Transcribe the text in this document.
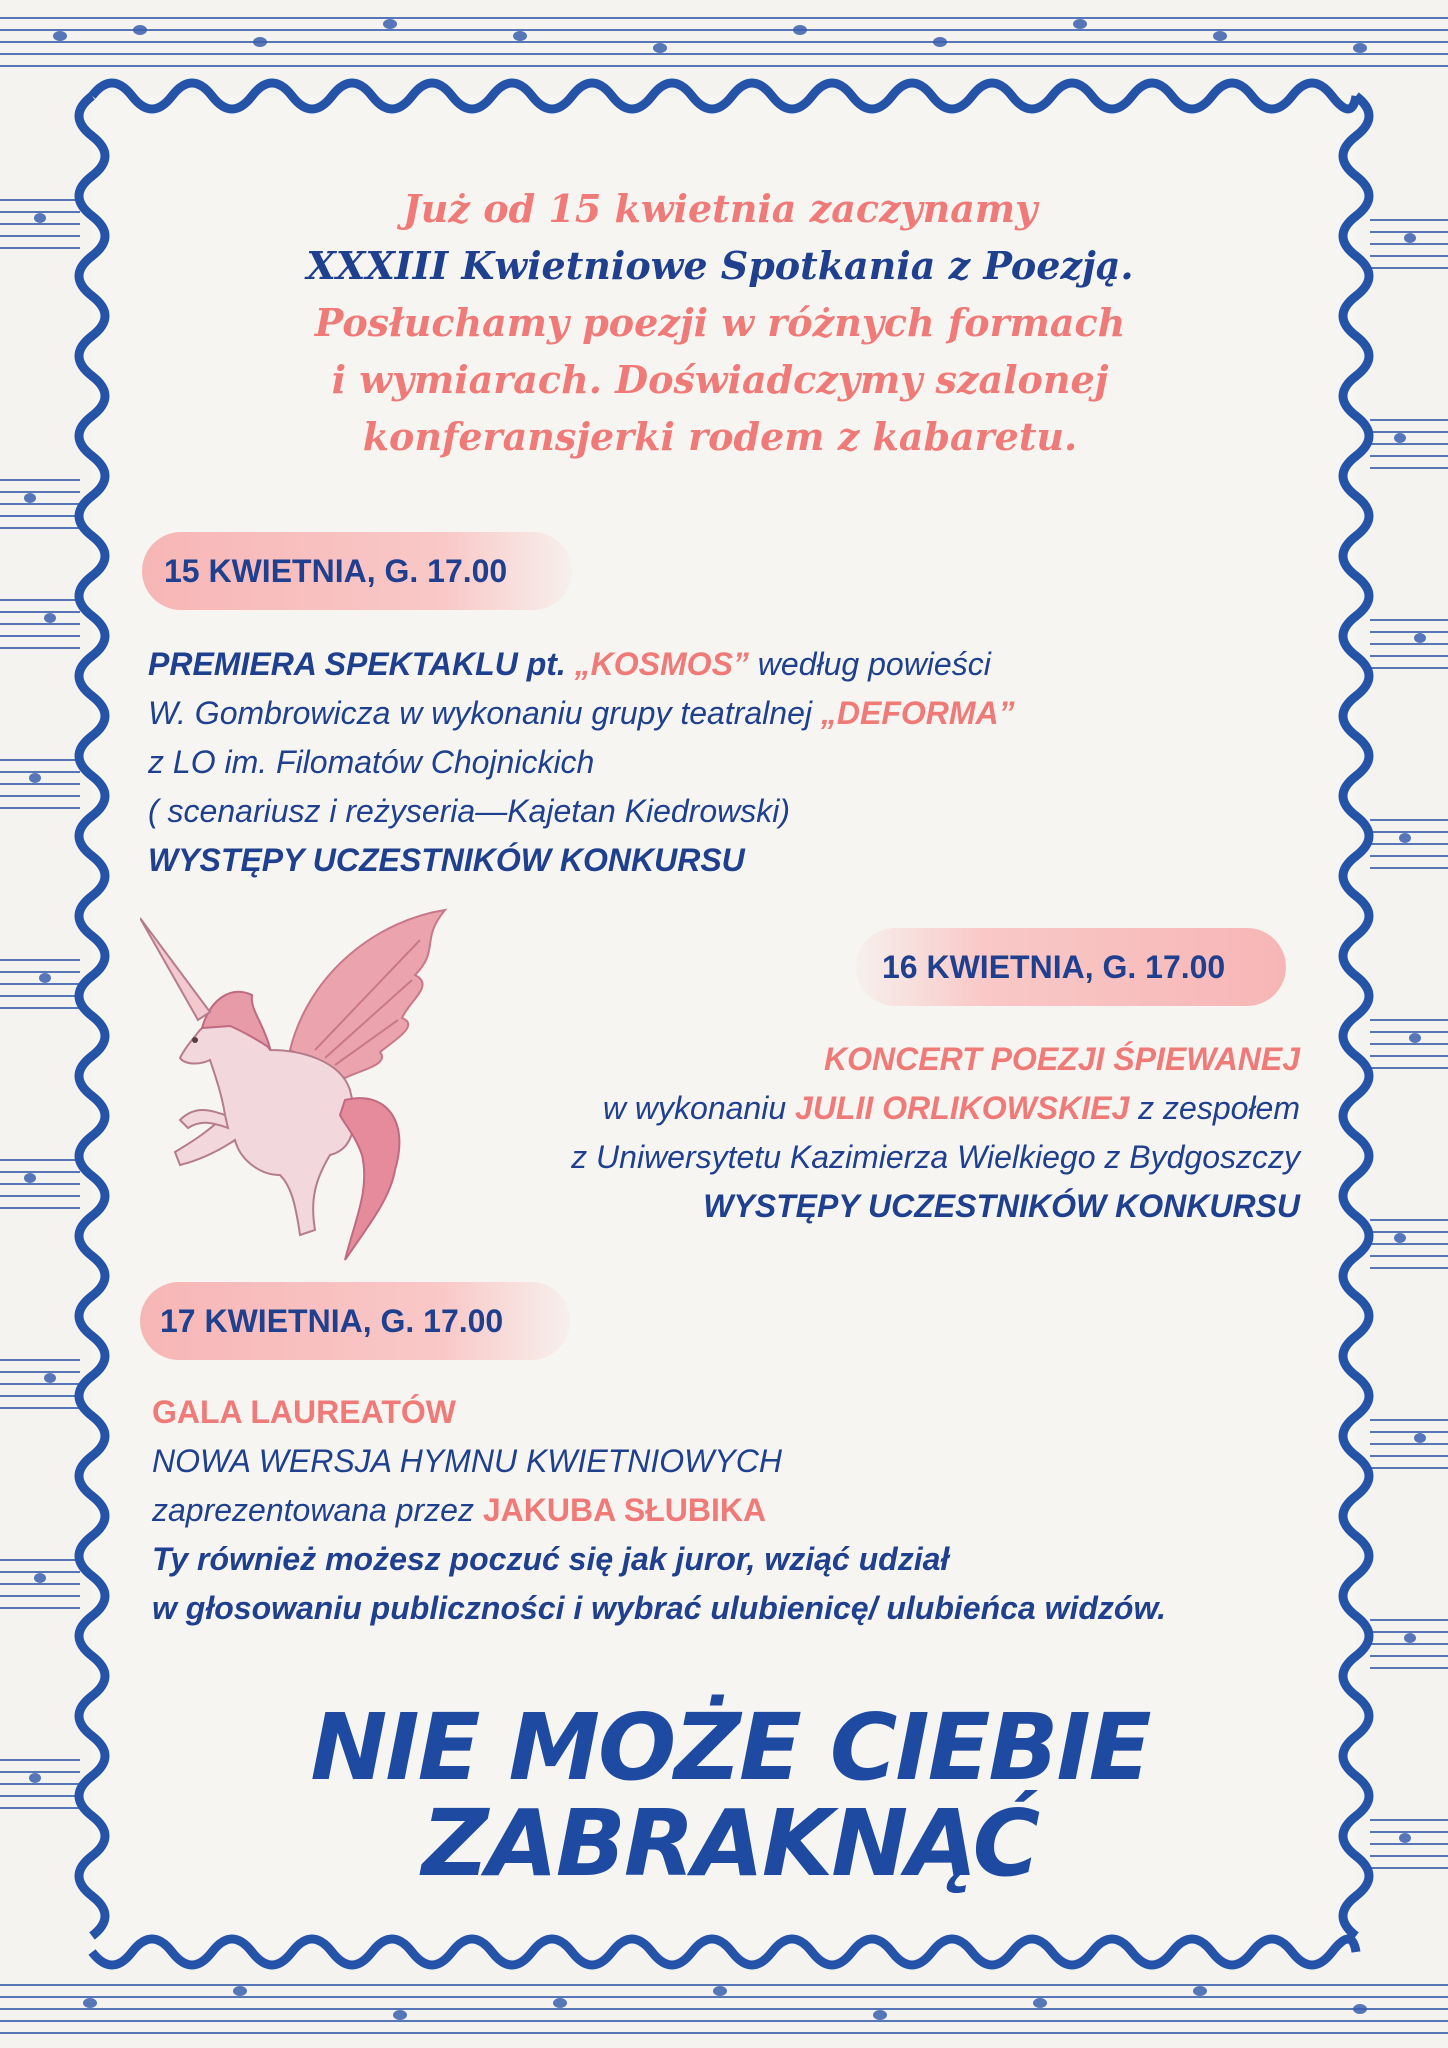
Już od 15 kwietnia zaczynamy
XXXIII Kwietniowe Spotkania z Poezją.
Posłuchamy poezji w różnych formach
i wymiarach. Doświadczymy szalonej
konferansjerki rodem z kabaretu.
15 KWIETNIA, G. 17.00
PREMIERA SPEKTAKLU pt. „KOSMOS” według powieści
W. Gombrowicza w wykonaniu grupy teatralnej „DEFORMA”
z LO im. Filomatów Chojnickich
( scenariusz i reżyseria—Kajetan Kiedrowski)
WYSTĘPY UCZESTNIKÓW KONKURSU
16 KWIETNIA, G. 17.00
KONCERT POEZJI ŚPIEWANEJ
w wykonaniu JULII ORLIKOWSKIEJ z zespołem
z Uniwersytetu Kazimierza Wielkiego z Bydgoszczy
WYSTĘPY UCZESTNIKÓW KONKURSU
17 KWIETNIA, G. 17.00
GALA LAUREATÓW
NOWA WERSJA HYMNU KWIETNIOWYCH
zaprezentowana przez JAKUBA SŁUBIKA
Ty również możesz poczuć się jak juror, wziąć udział
w głosowaniu publiczności i wybrać ulubienicę/ ulubieńca widzów.
NIE MOŻE CIEBIE
ZABRAKNĄĆ
